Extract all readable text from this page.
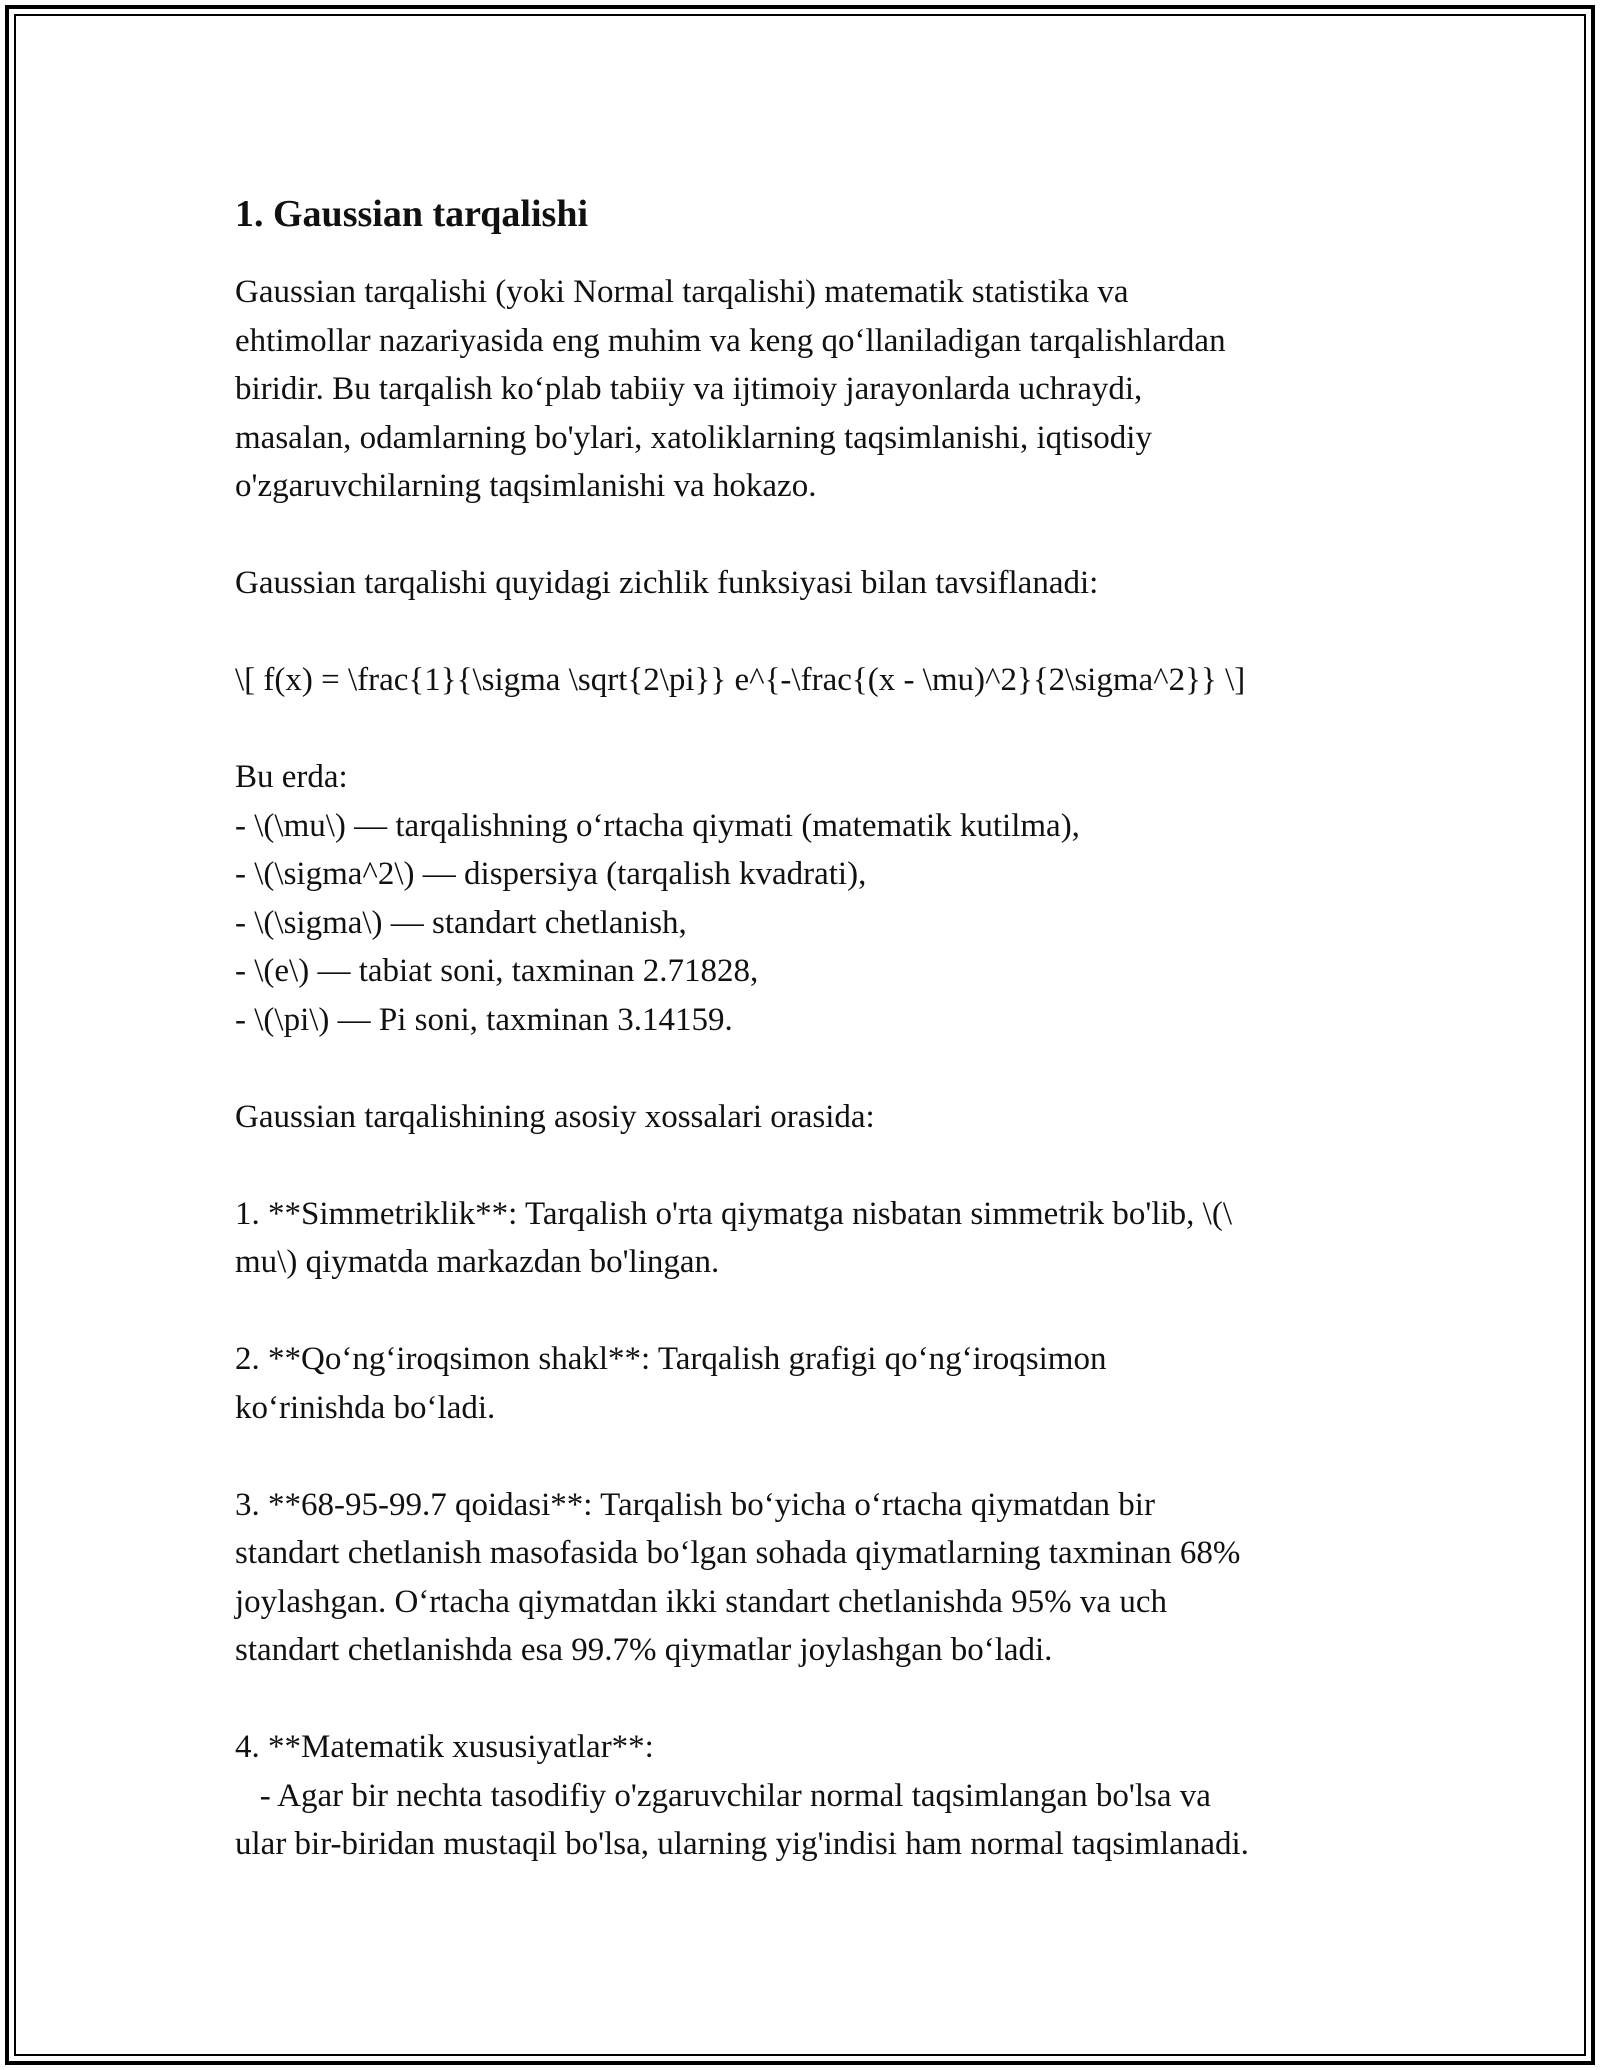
1. Gaussian tarqalishi
Gaussian tarqalishi (yoki Normal tarqalishi) matematik statistika va
ehtimollar nazariyasida eng muhim va keng qo‘llaniladigan tarqalishlardan
biridir. Bu tarqalish ko‘plab tabiiy va ijtimoiy jarayonlarda uchraydi,
masalan, odamlarning bo'ylari, xatoliklarning taqsimlanishi, iqtisodiy
o'zgaruvchilarning taqsimlanishi va hokazo.
Gaussian tarqalishi quyidagi zichlik funksiyasi bilan tavsiflanadi:
\[ f(x) = \frac{1}{\sigma \sqrt{2\pi}} e^{-\frac{(x - \mu)^2}{2\sigma^2}} \]
Bu erda:
- \(\mu\) — tarqalishning o‘rtacha qiymati (matematik kutilma),
- \(\sigma^2\) — dispersiya (tarqalish kvadrati),
- \(\sigma\) — standart chetlanish,
- \(e\) — tabiat soni, taxminan 2.71828,
- \(\pi\) — Pi soni, taxminan 3.14159.
Gaussian tarqalishining asosiy xossalari orasida:
1. **Simmetriklik**: Tarqalish o'rta qiymatga nisbatan simmetrik bo'lib, \(\
mu\) qiymatda markazdan bo'lingan.
2. **Qo‘ng‘iroqsimon shakl**: Tarqalish grafigi qo‘ng‘iroqsimon
ko‘rinishda bo‘ladi.
3. **68-95-99.7 qoidasi**: Tarqalish bo‘yicha o‘rtacha qiymatdan bir
standart chetlanish masofasida bo‘lgan sohada qiymatlarning taxminan 68%
joylashgan. O‘rtacha qiymatdan ikki standart chetlanishda 95% va uch
standart chetlanishda esa 99.7% qiymatlar joylashgan bo‘ladi.
4. **Matematik xususiyatlar**:
- Agar bir nechta tasodifiy o'zgaruvchilar normal taqsimlangan bo'lsa va
ular bir-biridan mustaqil bo'lsa, ularning yig'indisi ham normal taqsimlanadi.
